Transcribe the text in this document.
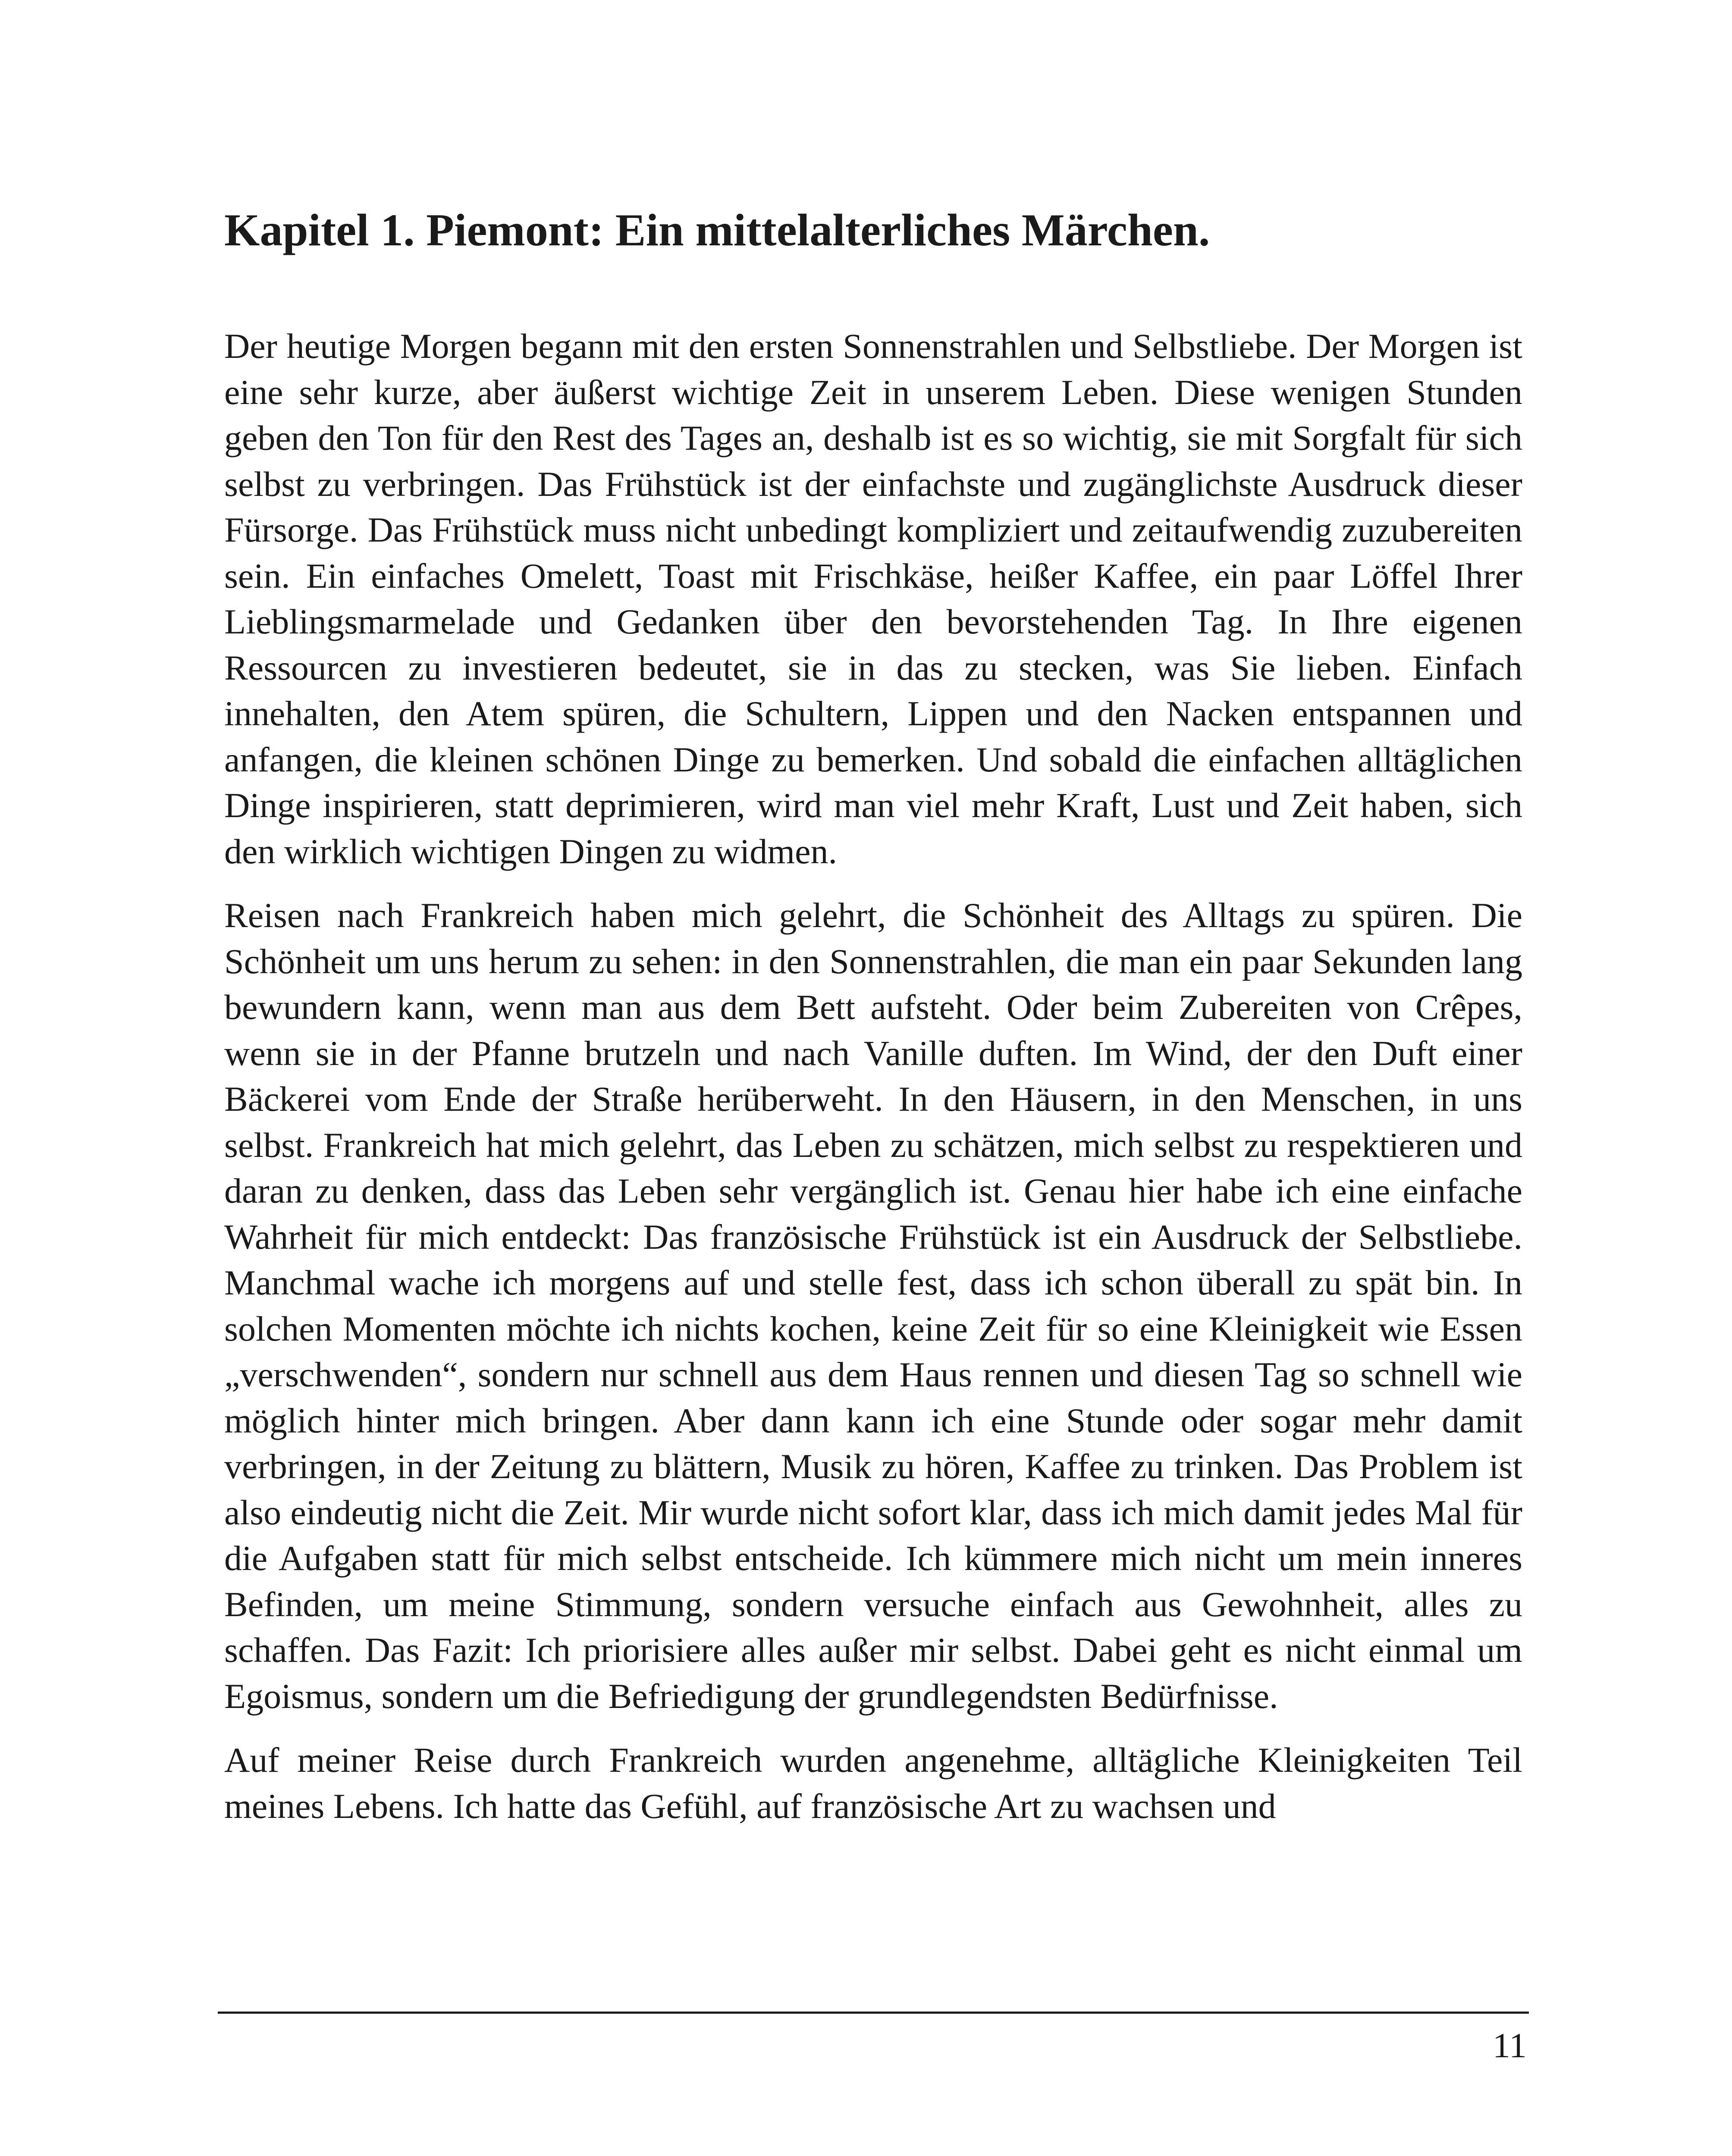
Kapitel 1. Piemont: Ein mittelalterliches Märchen.

Der heutige Morgen begann mit den ersten Sonnenstrahlen und Selbstliebe. Der Morgen ist eine sehr kurze, aber äußerst wichtige Zeit in unserem Leben. Diese wenigen Stunden geben den Ton für den Rest des Tages an, deshalb ist es so wichtig, sie mit Sorgfalt für sich selbst zu verbringen. Das Frühstück ist der einfachste und zugänglichste Ausdruck dieser Fürsorge. Das Frühstück muss nicht unbedingt kompliziert und zeitaufwendig zuzubereiten sein. Ein einfaches Omelett, Toast mit Frischkäse, heißer Kaffee, ein paar Löffel Ihrer Lieblingsmarmelade und Gedanken über den bevorstehenden Tag. In Ihre eigenen Ressourcen zu investieren bedeutet, sie in das zu stecken, was Sie lieben. Einfach innehalten, den Atem spüren, die Schultern, Lippen und den Nacken entspannen und anfangen, die kleinen schönen Dinge zu bemerken. Und sobald die einfachen alltäglichen Dinge inspirieren, statt deprimieren, wird man viel mehr Kraft, Lust und Zeit haben, sich den wirklich wichtigen Dingen zu widmen.

Reisen nach Frankreich haben mich gelehrt, die Schönheit des Alltags zu spüren. Die Schönheit um uns herum zu sehen: in den Sonnenstrahlen, die man ein paar Sekunden lang bewundern kann, wenn man aus dem Bett aufsteht. Oder beim Zubereiten von Crêpes, wenn sie in der Pfanne brutzeln und nach Vanille duften. Im Wind, der den Duft einer Bäckerei vom Ende der Straße herüberweht. In den Häusern, in den Menschen, in uns selbst. Frankreich hat mich gelehrt, das Leben zu schätzen, mich selbst zu respektieren und daran zu denken, dass das Leben sehr vergänglich ist. Genau hier habe ich eine einfache Wahrheit für mich entdeckt: Das französische Frühstück ist ein Ausdruck der Selbstliebe. Manchmal wache ich morgens auf und stelle fest, dass ich schon überall zu spät bin. In solchen Momenten möchte ich nichts kochen, keine Zeit für so eine Kleinigkeit wie Essen „verschwenden“, sondern nur schnell aus dem Haus rennen und diesen Tag so schnell wie möglich hinter mich bringen. Aber dann kann ich eine Stunde oder sogar mehr damit verbringen, in der Zeitung zu blättern, Musik zu hören, Kaffee zu trinken. Das Problem ist also eindeutig nicht die Zeit. Mir wurde nicht sofort klar, dass ich mich damit jedes Mal für die Aufgaben statt für mich selbst entscheide. Ich kümmere mich nicht um mein inneres Befinden, um meine Stimmung, sondern versuche einfach aus Gewohnheit, alles zu schaffen. Das Fazit: Ich priorisiere alles außer mir selbst. Dabei geht es nicht einmal um Egoismus, sondern um die Befriedigung der grundlegendsten Bedürfnisse.

Auf meiner Reise durch Frankreich wurden angenehme, alltägliche Kleinigkeiten Teil meines Lebens. Ich hatte das Gefühl, auf französische Art zu wachsen und

11
